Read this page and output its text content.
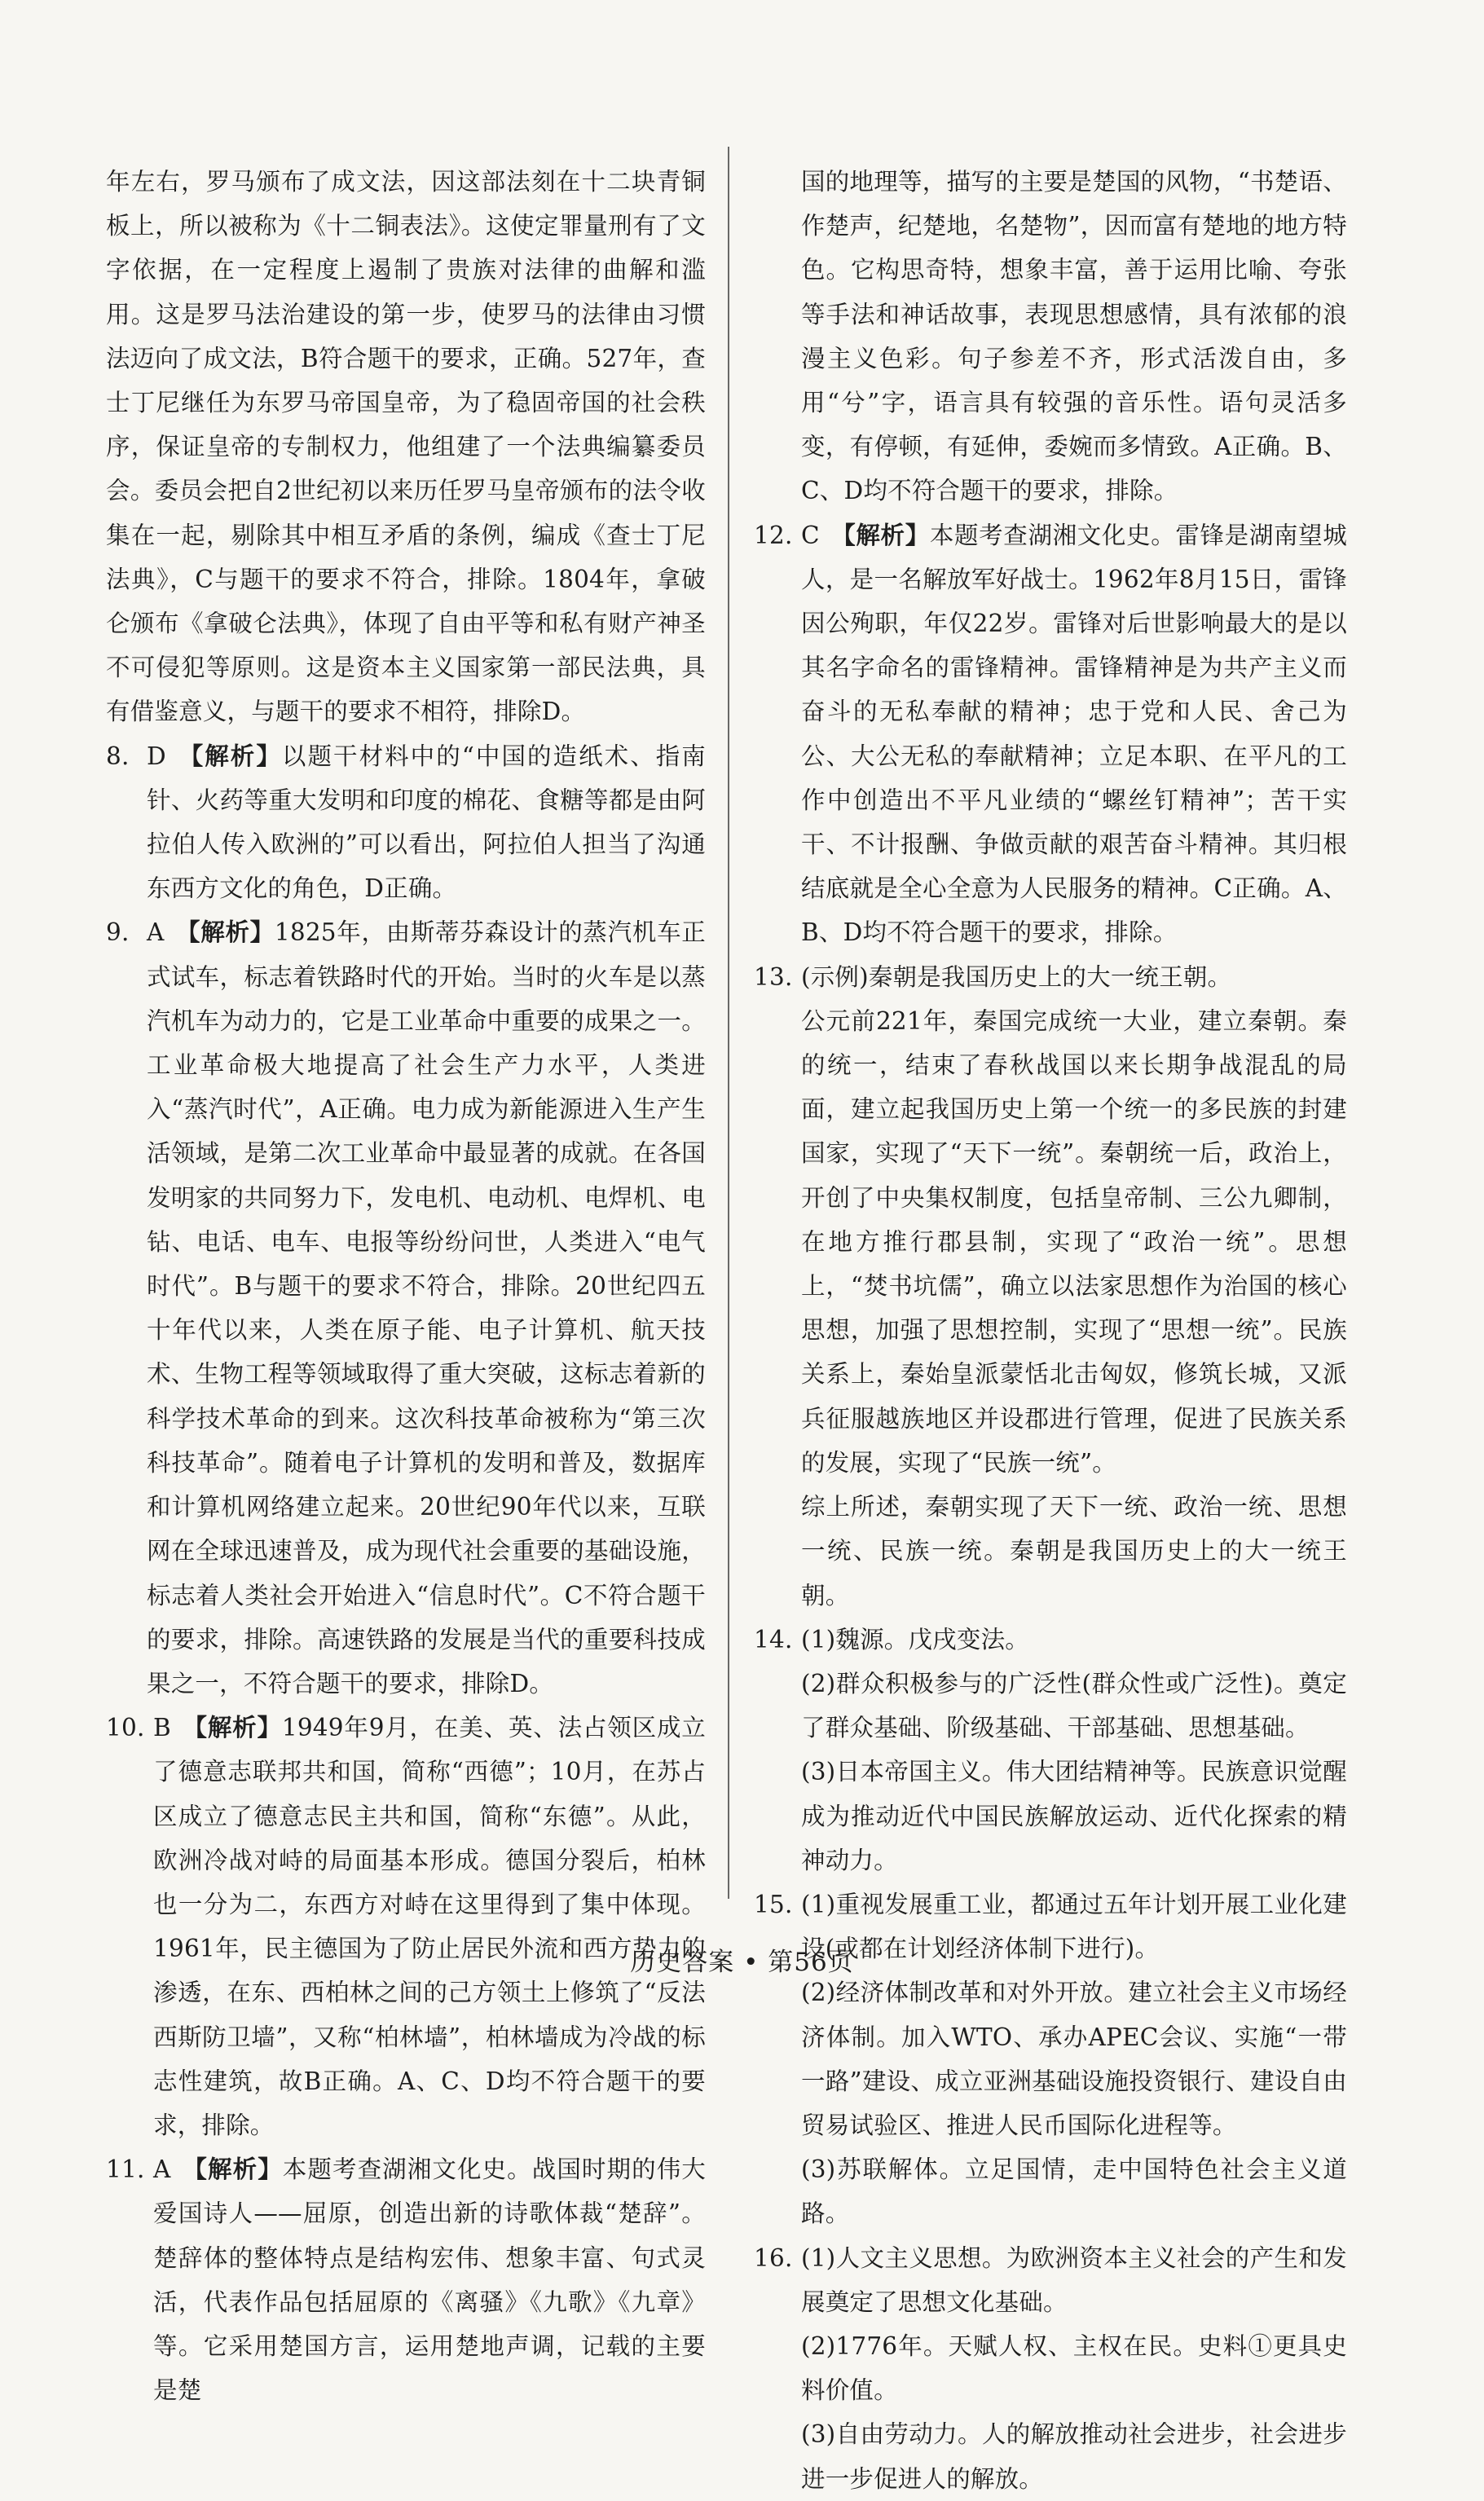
年左右，罗马颁布了成文法，因这部法刻在十二块青铜板上，所以被称为《十二铜表法》。这使定罪量刑有了文字依据，在一定程度上遏制了贵族对法律的曲解和滥用。这是罗马法治建设的第一步，使罗马的法律由习惯法迈向了成文法，B符合题干的要求，正确。527年，查士丁尼继任为东罗马帝国皇帝，为了稳固帝国的社会秩序，保证皇帝的专制权力，他组建了一个法典编纂委员会。委员会把自2世纪初以来历任罗马皇帝颁布的法令收集在一起，剔除其中相互矛盾的条例，编成《查士丁尼法典》，C与题干的要求不符合，排除。1804年，拿破仑颁布《拿破仑法典》，体现了自由平等和私有财产神圣不可侵犯等原则。这是资本主义国家第一部民法典，具有借鉴意义，与题干的要求不相符，排除D。

8. D 【解析】以题干材料中的“中国的造纸术、指南针、火药等重大发明和印度的棉花、食糖等都是由阿拉伯人传入欧洲的”可以看出，阿拉伯人担当了沟通东西方文化的角色，D正确。
9. A 【解析】1825年，由斯蒂芬森设计的蒸汽机车正式试车，标志着铁路时代的开始。当时的火车是以蒸汽机车为动力的，它是工业革命中重要的成果之一。工业革命极大地提高了社会生产力水平，人类进入“蒸汽时代”，A正确。电力成为新能源进入生产生活领域，是第二次工业革命中最显著的成就。在各国发明家的共同努力下，发电机、电动机、电焊机、电钻、电话、电车、电报等纷纷问世，人类进入“电气时代”。B与题干的要求不符合，排除。20世纪四五十年代以来，人类在原子能、电子计算机、航天技术、生物工程等领域取得了重大突破，这标志着新的科学技术革命的到来。这次科技革命被称为“第三次科技革命”。随着电子计算机的发明和普及，数据库和计算机网络建立起来。20世纪90年代以来，互联网在全球迅速普及，成为现代社会重要的基础设施，标志着人类社会开始进入“信息时代”。C不符合题干的要求，排除。高速铁路的发展是当代的重要科技成果之一，不符合题干的要求，排除D。
10. B 【解析】1949年9月，在美、英、法占领区成立了德意志联邦共和国，简称“西德”；10月，在苏占区成立了德意志民主共和国，简称“东德”。从此，欧洲冷战对峙的局面基本形成。德国分裂后，柏林也一分为二，东西方对峙在这里得到了集中体现。1961年，民主德国为了防止居民外流和西方势力的渗透，在东、西柏林之间的己方领土上修筑了“反法西斯防卫墙”，又称“柏林墙”，柏林墙成为冷战的标志性建筑，故B正确。A、C、D均不符合题干的要求，排除。
11. A 【解析】本题考查湖湘文化史。战国时期的伟大爱国诗人——屈原，创造出新的诗歌体裁“楚辞”。楚辞体的整体特点是结构宏伟、想象丰富、句式灵活，代表作品包括屈原的《离骚》《九歌》《九章》等。它采用楚国方言，运用楚地声调，记载的主要是楚

国的地理等，描写的主要是楚国的风物，“书楚语、作楚声，纪楚地，名楚物”，因而富有楚地的地方特色。它构思奇特，想象丰富，善于运用比喻、夸张等手法和神话故事，表现思想感情，具有浓郁的浪漫主义色彩。句子参差不齐，形式活泼自由，多用“兮”字，语言具有较强的音乐性。语句灵活多变，有停顿，有延伸，委婉而多情致。A正确。B、C、D均不符合题干的要求，排除。

12. C 【解析】本题考查湖湘文化史。雷锋是湖南望城人，是一名解放军好战士。1962年8月15日，雷锋因公殉职，年仅22岁。雷锋对后世影响最大的是以其名字命名的雷锋精神。雷锋精神是为共产主义而奋斗的无私奉献的精神；忠于党和人民、舍己为公、大公无私的奉献精神；立足本职、在平凡的工作中创造出不平凡业绩的“螺丝钉精神”；苦干实干、不计报酬、争做贡献的艰苦奋斗精神。其归根结底就是全心全意为人民服务的精神。C正确。A、B、D均不符合题干的要求，排除。
13. (示例)秦朝是我国历史上的大一统王朝。

公元前221年，秦国完成统一大业，建立秦朝。秦的统一，结束了春秋战国以来长期争战混乱的局面，建立起我国历史上第一个统一的多民族的封建国家，实现了“天下一统”。秦朝统一后，政治上，开创了中央集权制度，包括皇帝制、三公九卿制，在地方推行郡县制，实现了“政治一统”。思想上，“焚书坑儒”，确立以法家思想作为治国的核心思想，加强了思想控制，实现了“思想一统”。民族关系上，秦始皇派蒙恬北击匈奴，修筑长城，又派兵征服越族地区并设郡进行管理，促进了民族关系的发展，实现了“民族一统”。

综上所述，秦朝实现了天下一统、政治一统、思想一统、民族一统。秦朝是我国历史上的大一统王朝。

14. (1)魏源。戊戌变法。

(2)群众积极参与的广泛性(群众性或广泛性)。奠定了群众基础、阶级基础、干部基础、思想基础。

(3)日本帝国主义。伟大团结精神等。民族意识觉醒成为推动近代中国民族解放运动、近代化探索的精神动力。

15. (1)重视发展重工业，都通过五年计划开展工业化建设(或都在计划经济体制下进行)。

(2)经济体制改革和对外开放。建立社会主义市场经济体制。加入WTO、承办APEC会议、实施“一带一路”建设、成立亚洲基础设施投资银行、建设自由贸易试验区、推进人民币国际化进程等。

(3)苏联解体。立足国情，走中国特色社会主义道路。

16. (1)人文主义思想。为欧洲资本主义社会的产生和发展奠定了思想文化基础。

(2)1776年。天赋人权、主权在民。史料①更具史料价值。

(3)自由劳动力。人的解放推动社会进步，社会进步进一步促进人的解放。

历史答案 • 第56页
